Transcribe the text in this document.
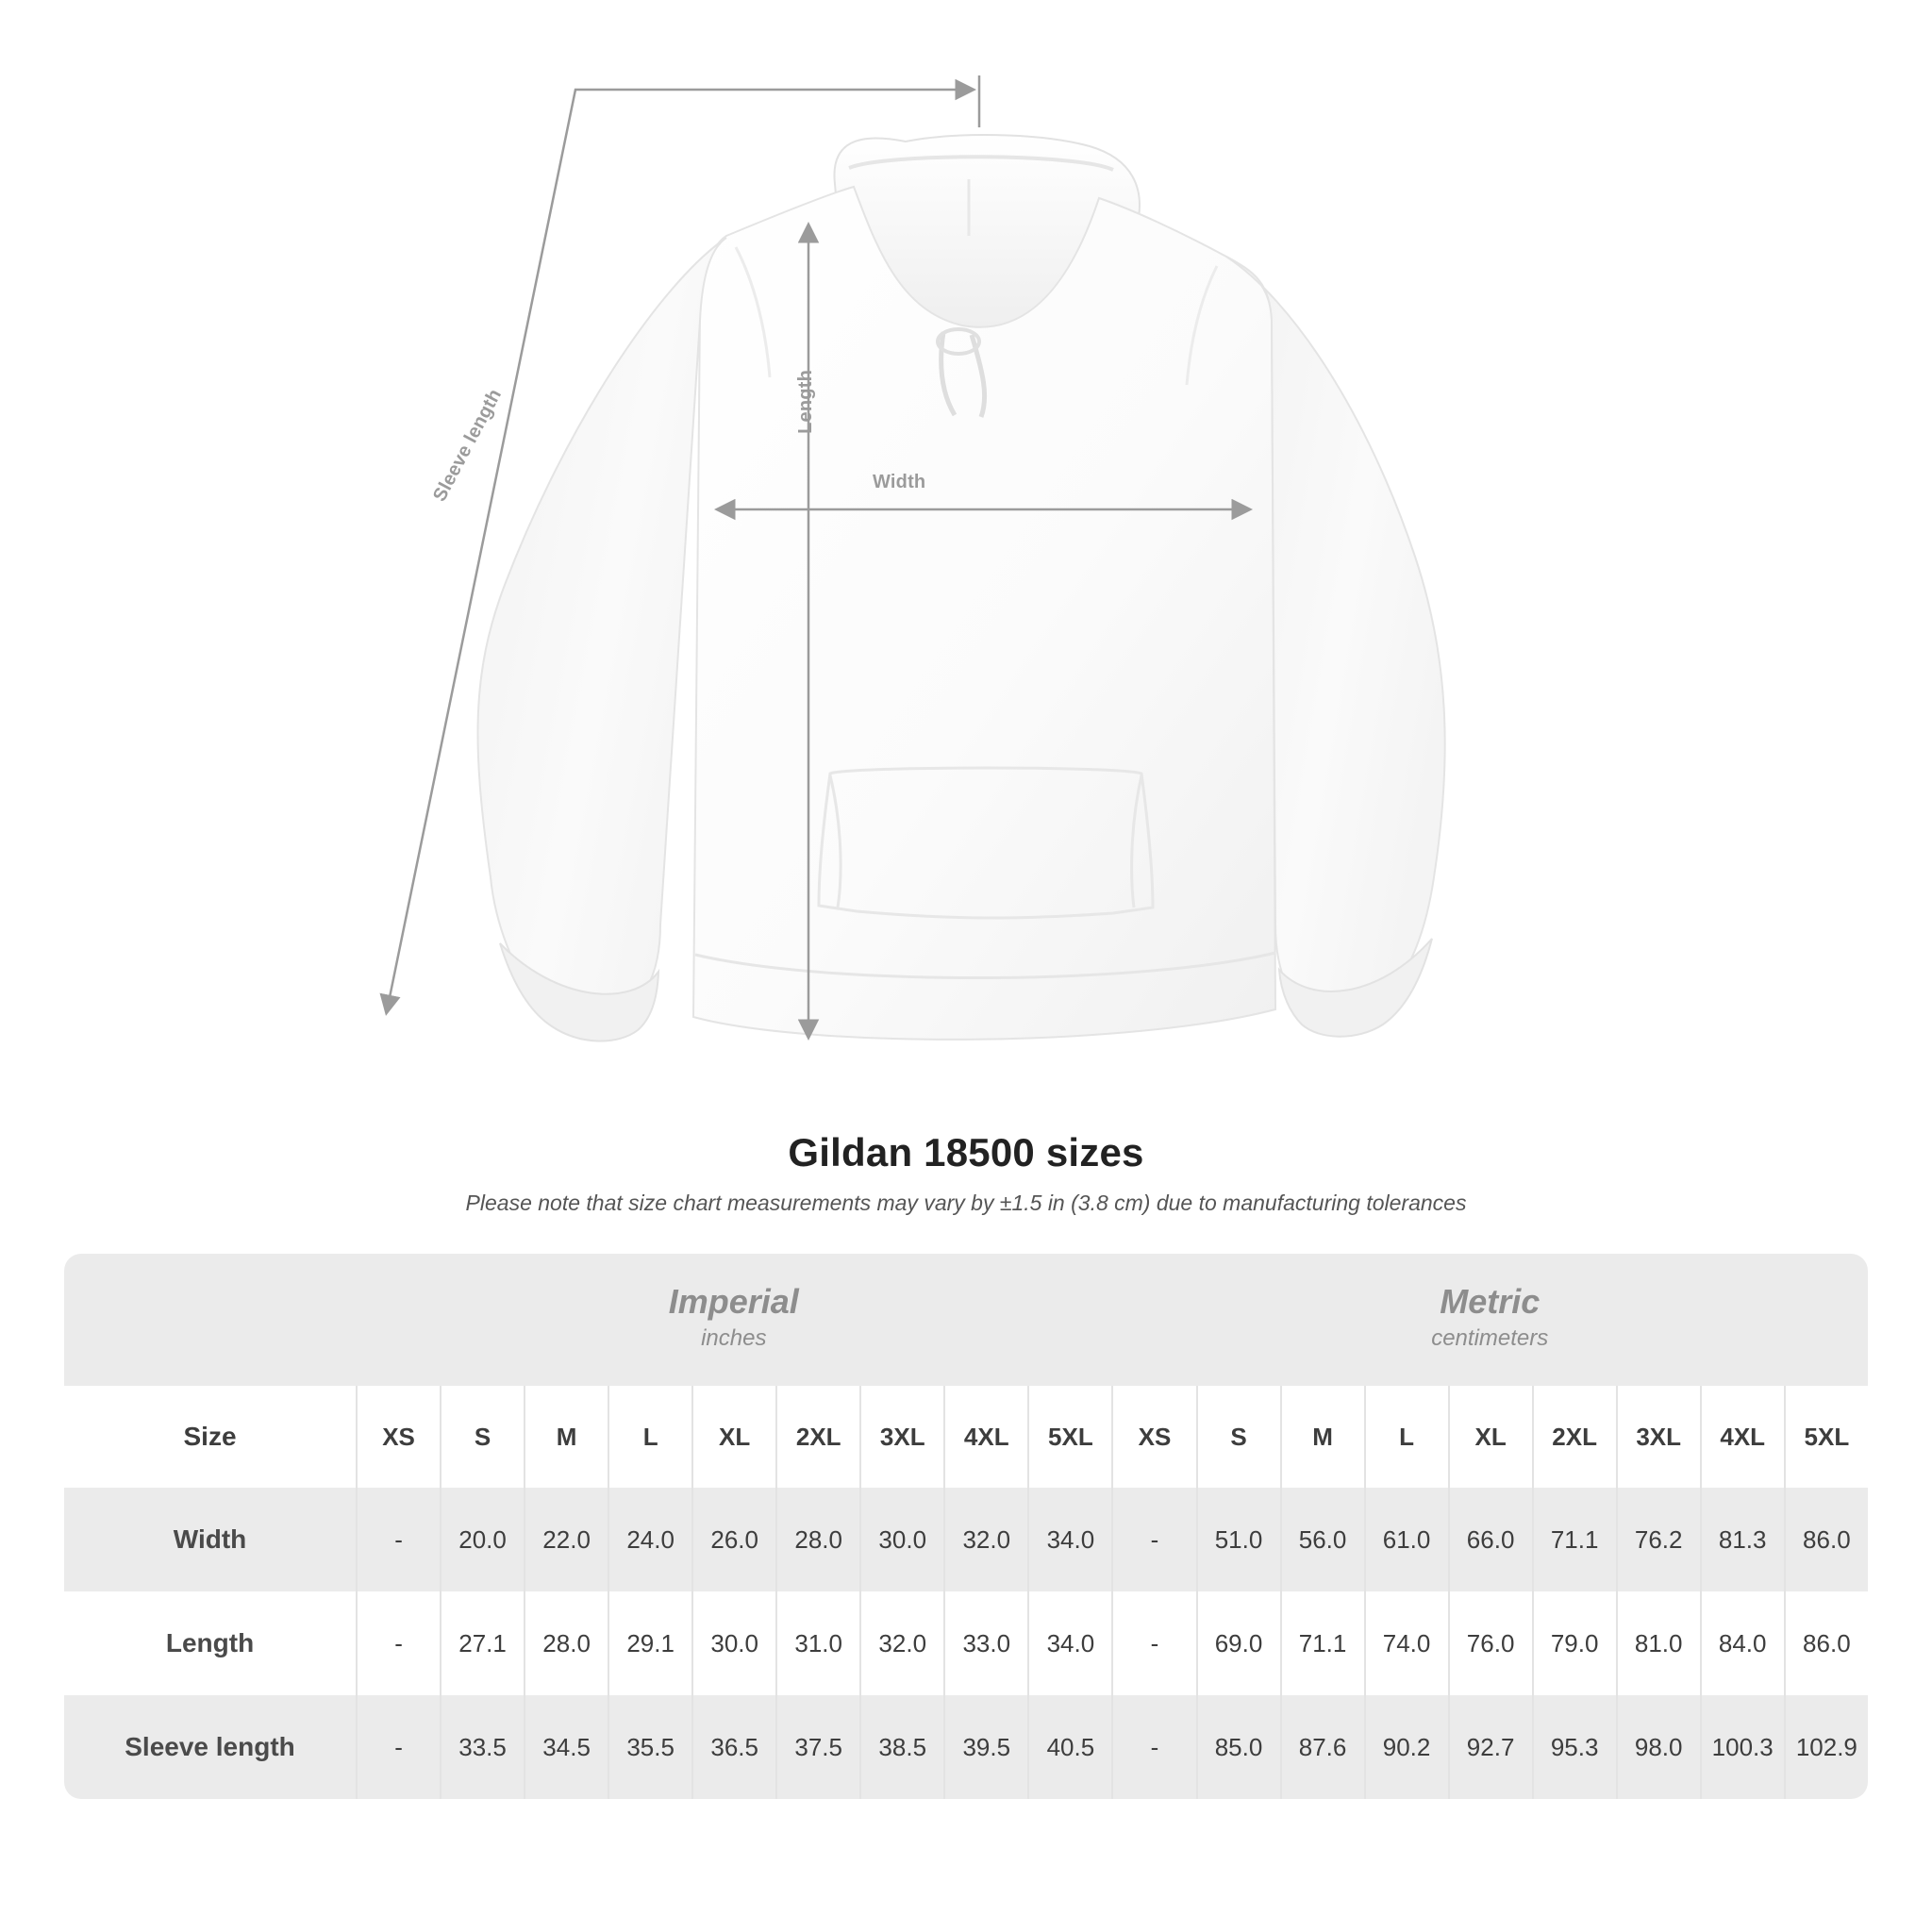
Width
Length
Sleeve length
Gildan 18500 sizes

Please note that size chart measurements may vary by ±1.5 in (3.8 cm) due to manufacturing tolerances

Imperial
inches

Metric
centimeters

Size	XS	S	M	L	XL	2XL	3XL	4XL	5XL	XS	S	M	L	XL	2XL	3XL	4XL	5XL

Width	-	20.0	22.0	24.0	26.0	28.0	30.0	32.0	34.0	-	51.0	56.0	61.0	66.0	71.1	76.2	81.3	86.0

Length	-	27.1	28.0	29.1	30.0	31.0	32.0	33.0	34.0	-	69.0	71.1	74.0	76.0	79.0	81.0	84.0	86.0

Sleeve length	-	33.5	34.5	35.5	36.5	37.5	38.5	39.5	40.5	-	85.0	87.6	90.2	92.7	95.3	98.0	100.3	102.9
